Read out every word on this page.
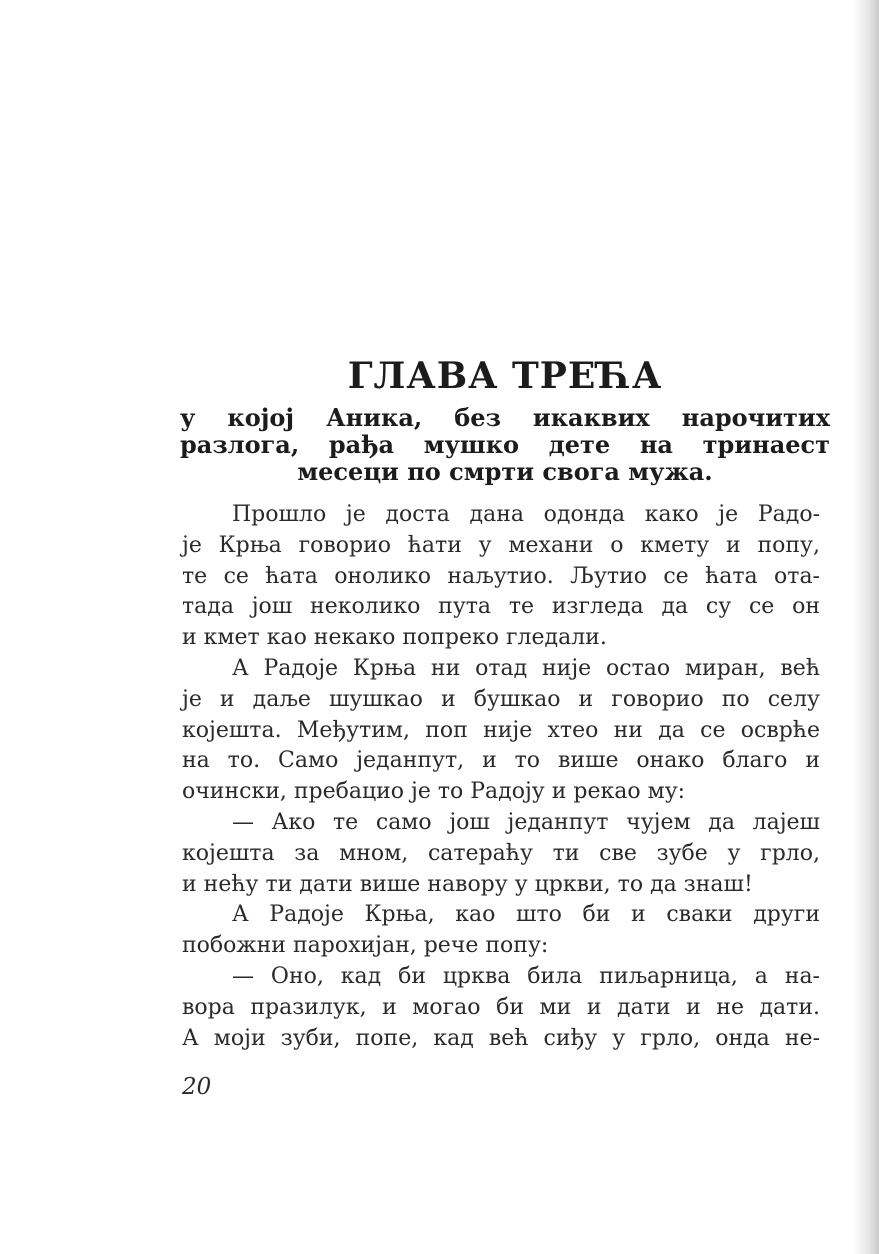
ГЛАВА ТРЕЋА
у којој Аника, без икаквих нарочитих
разлога, рађа мушко дете на тринаест
месеци по смрти свога мужа.
Прошло је доста дана одонда како је Радо-
је Крња говорио ћати у механи о кмету и попу,
те се ћата онолико наљутио. Љутио се ћата ота-
тада још неколико пута те изгледа да су се он
и кмет као некако попреко гледали.
А Радоје Крња ни отад није остао миран, већ
је и даље шушкао и бушкао и говорио по селу
којешта. Међутим, поп није хтео ни да се осврће
на то. Само једанпут, и то више онако благо и
очински, пребацио је то Радоју и рекао му:
— Ако те само још једанпут чујем да лајеш
којешта за мном, сатераћу ти све зубе у грло,
и нећу ти дати више навору у цркви, то да знаш!
А Радоје Крња, као што би и сваки други
побожни парохијан, рече попу:
— Оно, кад би црква била пиљарница, а на-
вора празилук, и могао би ми и дати и не дати.
А моји зуби, попе, кад већ сиђу у грло, онда не-

20
